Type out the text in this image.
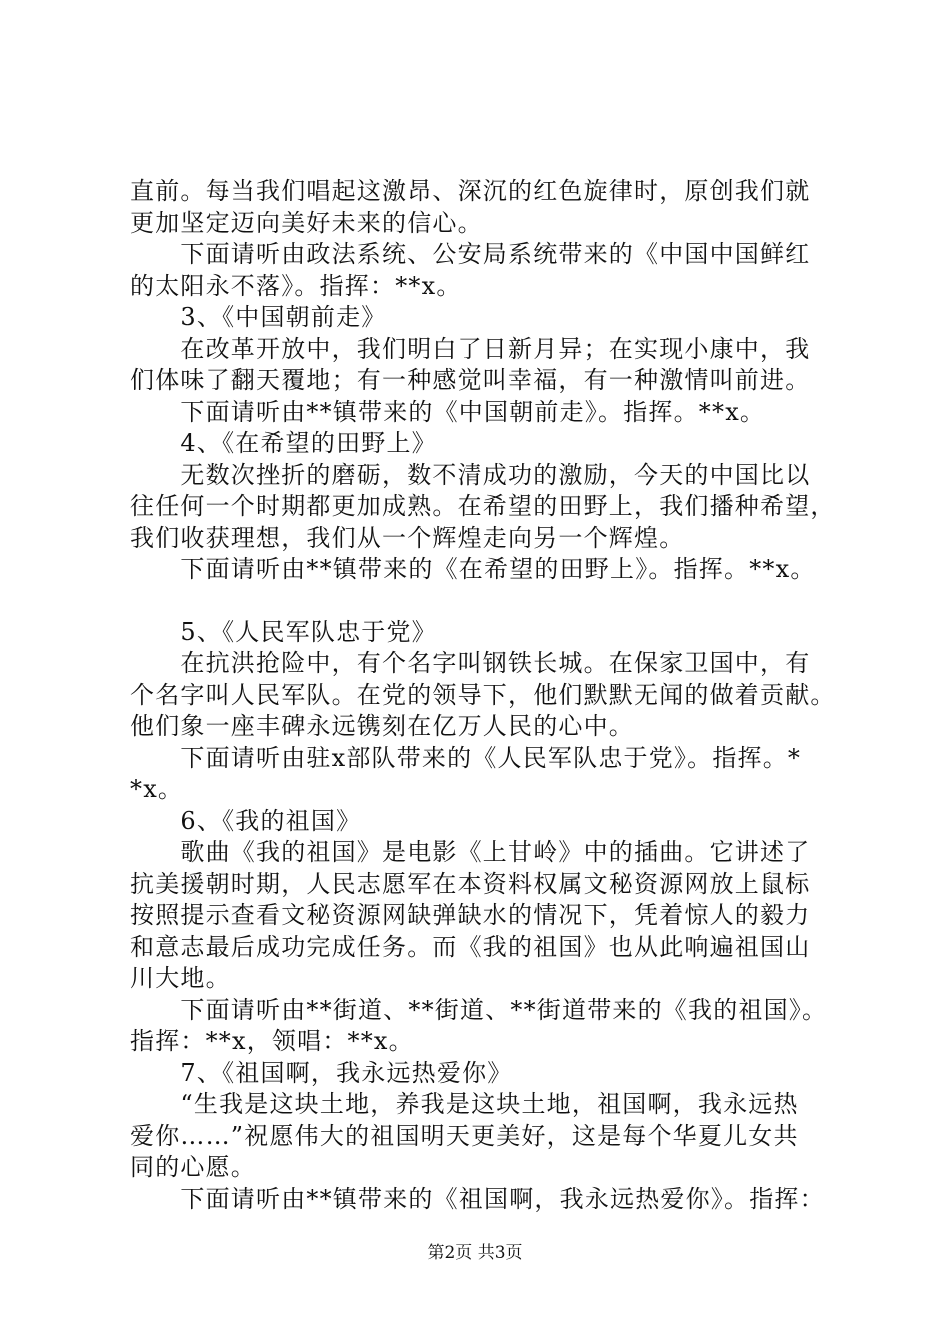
直前。每当我们唱起这激昂、深沉的红色旋律时，原创我们就
更加坚定迈向美好未来的信心。
　　下面请听由政法系统、公安局系统带来的《中国中国鲜红
的太阳永不落》。指挥：**x。
　　3、《中国朝前走》
　　在改革开放中，我们明白了日新月异；在实现小康中，我
们体味了翻天覆地；有一种感觉叫幸福，有一种激情叫前进。
　　下面请听由**镇带来的《中国朝前走》。指挥。**x。
　　4、《在希望的田野上》
　　无数次挫折的磨砺，数不清成功的激励，今天的中国比以
往任何一个时期都更加成熟。在希望的田野上，我们播种希望，
我们收获理想，我们从一个辉煌走向另一个辉煌。
　　下面请听由**镇带来的《在希望的田野上》。指挥。**x。
　　5、《人民军队忠于党》
　　在抗洪抢险中，有个名字叫钢铁长城。在保家卫国中，有
个名字叫人民军队。在党的领导下，他们默默无闻的做着贡献。
他们象一座丰碑永远镌刻在亿万人民的心中。
　　下面请听由驻x部队带来的《人民军队忠于党》。指挥。*
*x。
　　6、《我的祖国》
　　歌曲《我的祖国》是电影《上甘岭》中的插曲。它讲述了
抗美援朝时期，人民志愿军在本资料权属文秘资源网放上鼠标
按照提示查看文秘资源网缺弹缺水的情况下，凭着惊人的毅力
和意志最后成功完成任务。而《我的祖国》也从此响遍祖国山
川大地。
　　下面请听由**街道、**街道、**街道带来的《我的祖国》。
指挥：**x，领唱：**x。
　　7、《祖国啊，我永远热爱你》
　　“生我是这块土地，养我是这块土地，祖国啊，我永远热
爱你……”祝愿伟大的祖国明天更美好，这是每个华夏儿女共
同的心愿。
　　下面请听由**镇带来的《祖国啊，我永远热爱你》。指挥：
第2页 共3页
